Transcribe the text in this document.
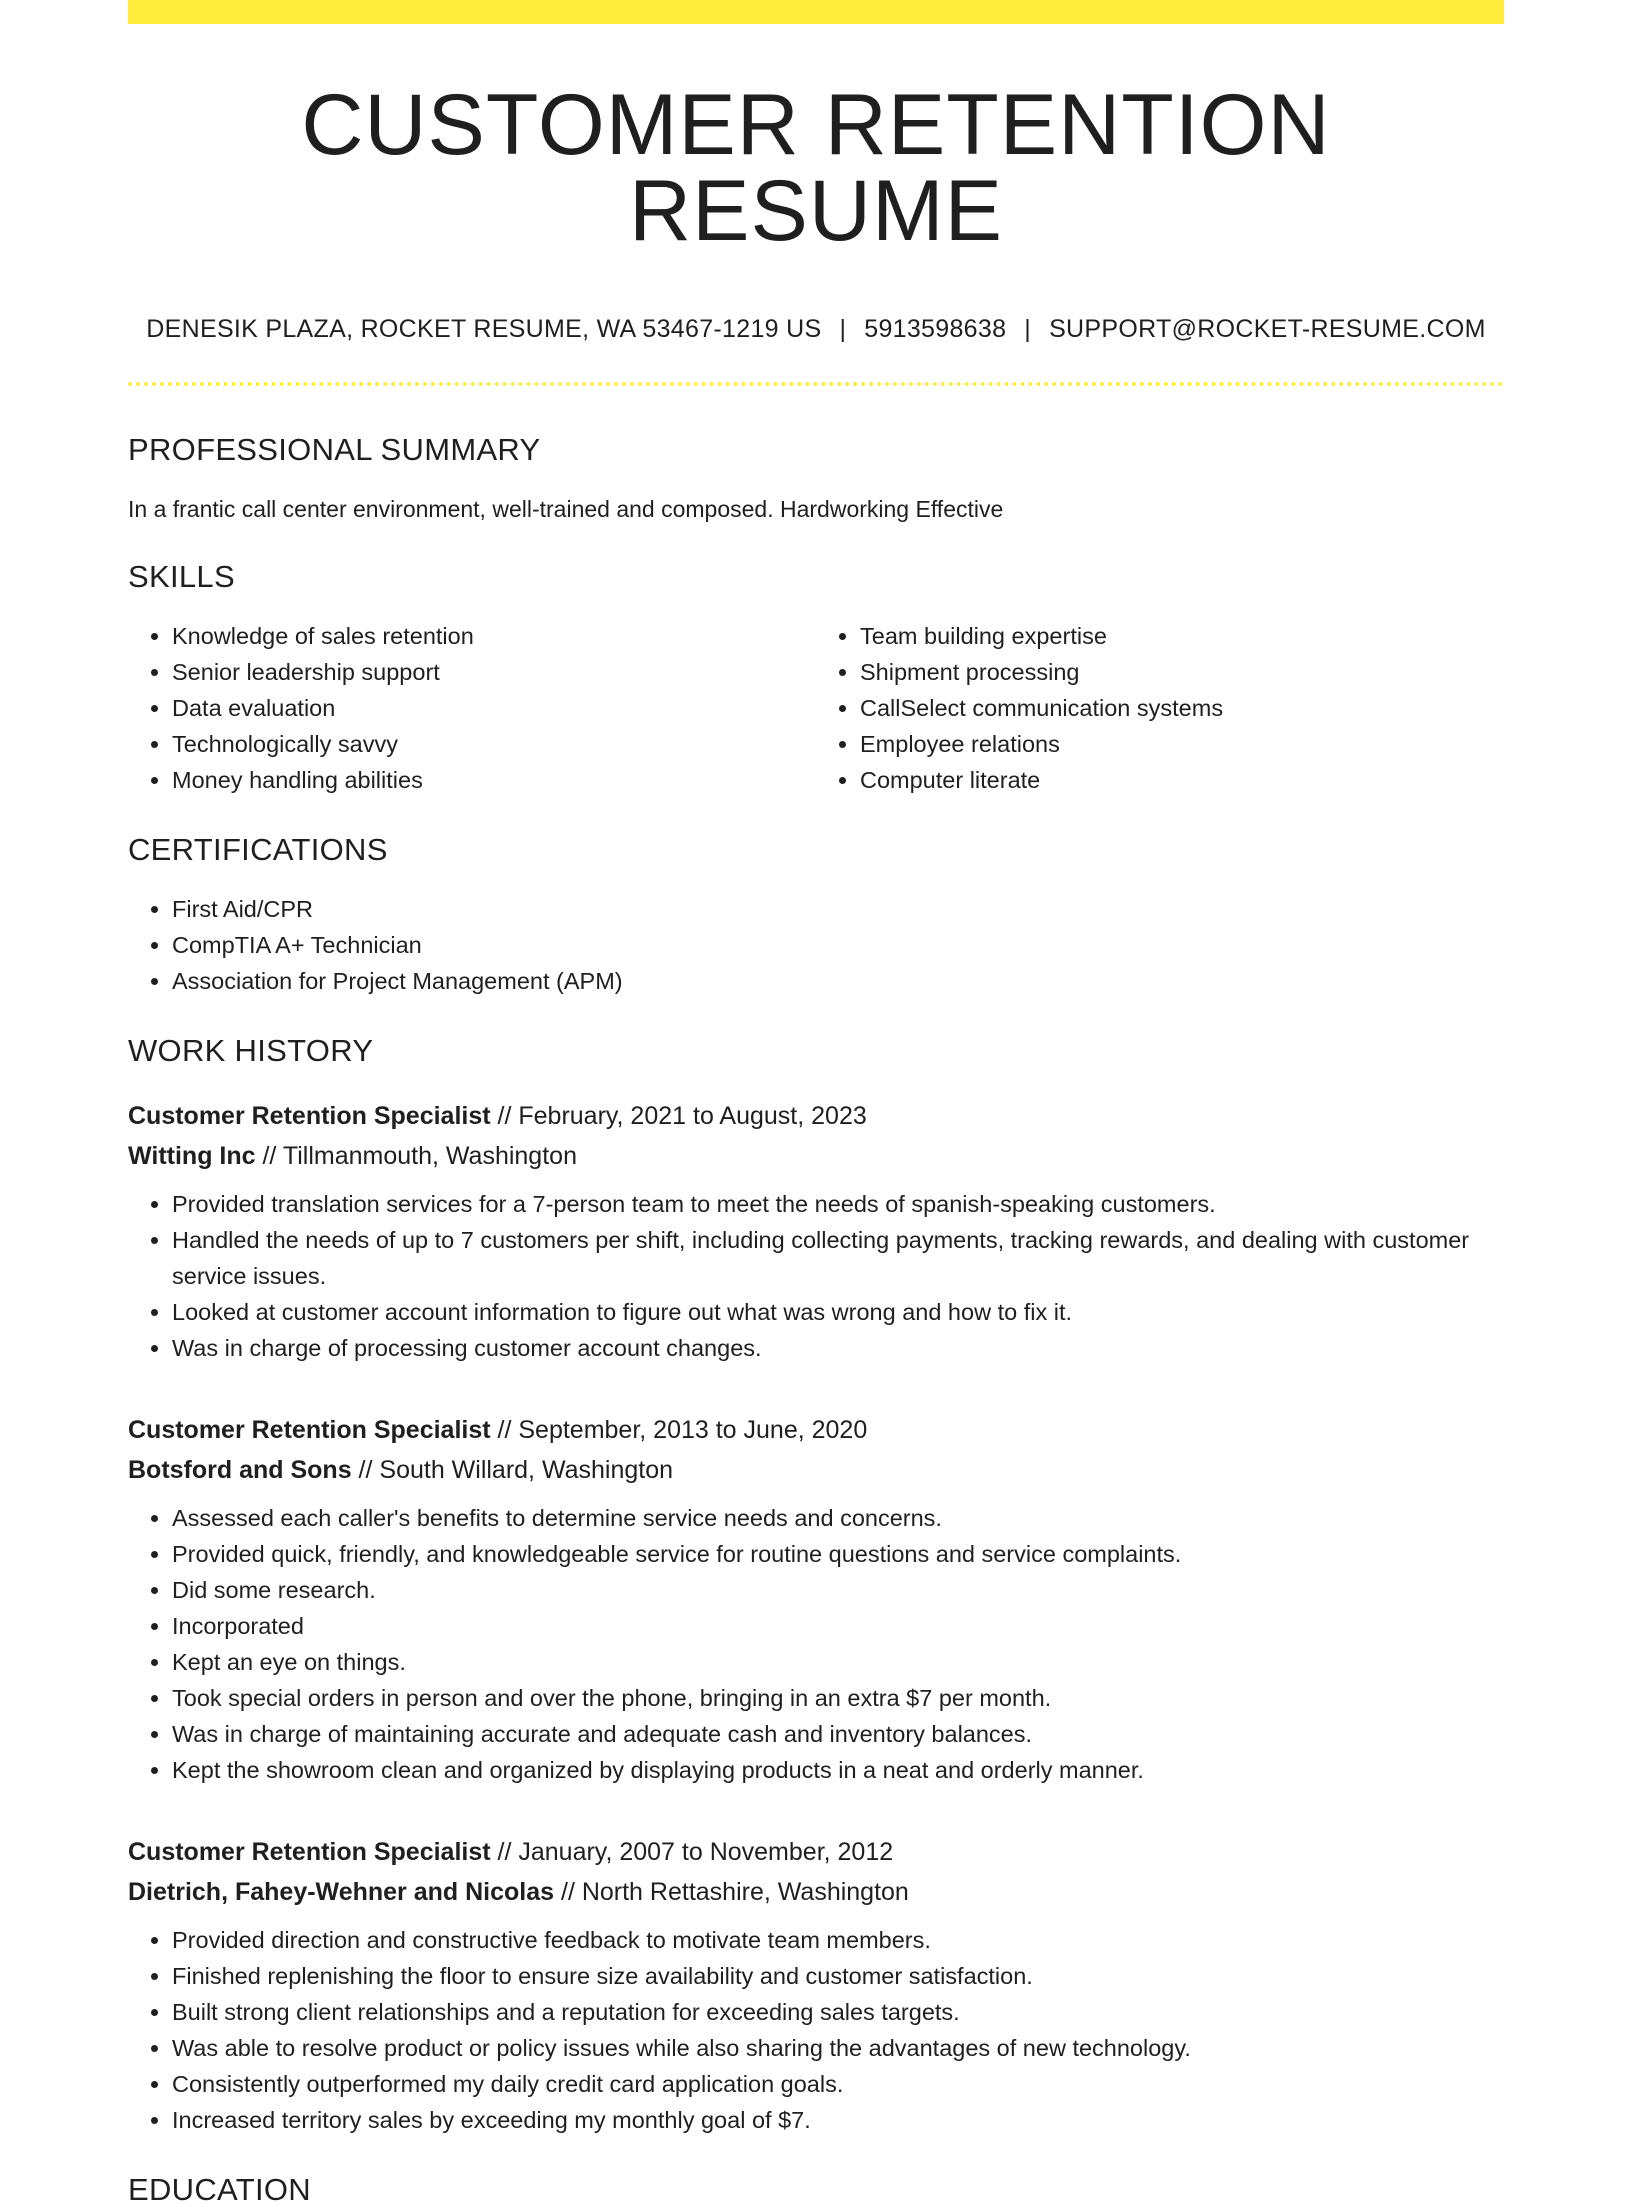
CUSTOMER RETENTION RESUME
DENESIK PLAZA, ROCKET RESUME, WA 53467-1219 US | 5913598638 | SUPPORT@ROCKET-RESUME.COM
PROFESSIONAL SUMMARY
In a frantic call center environment, well-trained and composed. Hardworking Effective
SKILLS
• Knowledge of sales retention
• Senior leadership support
• Data evaluation
• Technologically savvy
• Money handling abilities
• Team building expertise
• Shipment processing
• CallSelect communication systems
• Employee relations
• Computer literate
CERTIFICATIONS
• First Aid/CPR
• CompTIA A+ Technician
• Association for Project Management (APM)
WORK HISTORY
Customer Retention Specialist // February, 2021 to August, 2023
Witting Inc // Tillmanmouth, Washington
• Provided translation services for a 7-person team to meet the needs of spanish-speaking customers.
• Handled the needs of up to 7 customers per shift, including collecting payments, tracking rewards, and dealing with customer service issues.
• Looked at customer account information to figure out what was wrong and how to fix it.
• Was in charge of processing customer account changes.
Customer Retention Specialist // September, 2013 to June, 2020
Botsford and Sons // South Willard, Washington
• Assessed each caller's benefits to determine service needs and concerns.
• Provided quick, friendly, and knowledgeable service for routine questions and service complaints.
• Did some research.
• Incorporated
• Kept an eye on things.
• Took special orders in person and over the phone, bringing in an extra $7 per month.
• Was in charge of maintaining accurate and adequate cash and inventory balances.
• Kept the showroom clean and organized by displaying products in a neat and orderly manner.
Customer Retention Specialist // January, 2007 to November, 2012
Dietrich, Fahey-Wehner and Nicolas // North Rettashire, Washington
• Provided direction and constructive feedback to motivate team members.
• Finished replenishing the floor to ensure size availability and customer satisfaction.
• Built strong client relationships and a reputation for exceeding sales targets.
• Was able to resolve product or policy issues while also sharing the advantages of new technology.
• Consistently outperformed my daily credit card application goals.
• Increased territory sales by exceeding my monthly goal of $7.
EDUCATION
